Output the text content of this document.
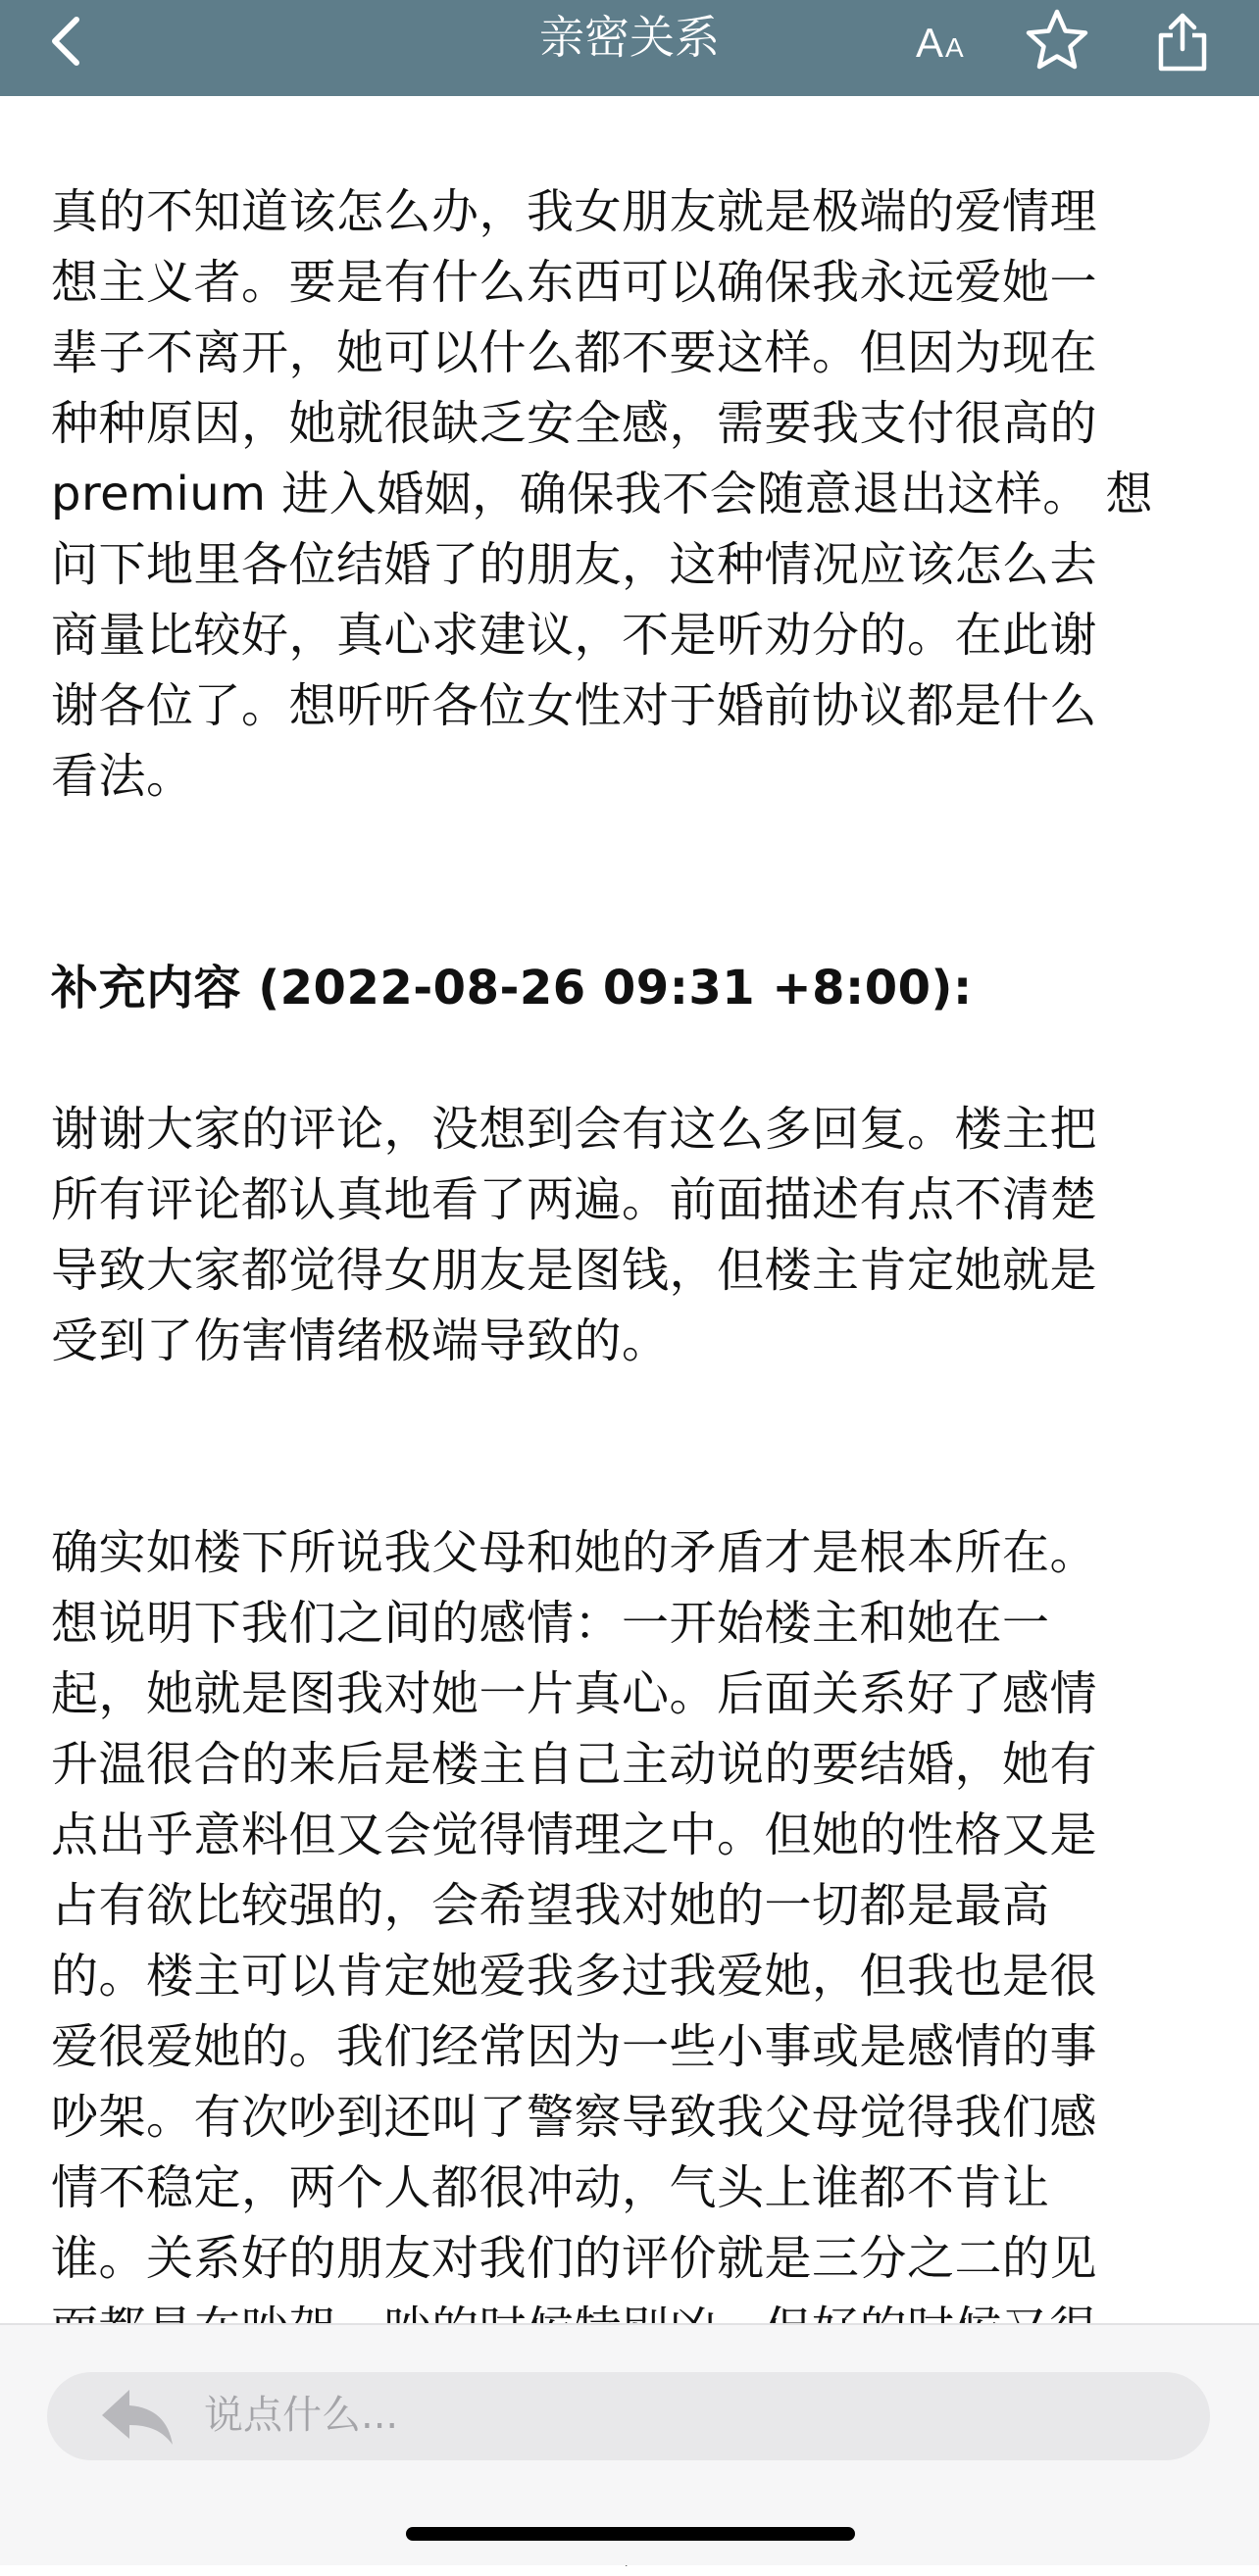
亲密关系	A A

真的不知道该怎么办，我女朋友就是极端的爱情理
想主义者。要是有什么东西可以确保我永远爱她一
辈子不离开，她可以什么都不要这样。但因为现在
种种原因，她就很缺乏安全感，需要我支付很高的
premium 进入婚姻，确保我不会随意退出这样。 想
问下地里各位结婚了的朋友，这种情况应该怎么去
商量比较好，真心求建议，不是听劝分的。在此谢
谢各位了。想听听各位女性对于婚前协议都是什么
看法。

补充内容 (2022-08-26 09:31 +8:00):

谢谢大家的评论，没想到会有这么多回复。楼主把
所有评论都认真地看了两遍。前面描述有点不清楚
导致大家都觉得女朋友是图钱，但楼主肯定她就是
受到了伤害情绪极端导致的。

确实如楼下所说我父母和她的矛盾才是根本所在。
想说明下我们之间的感情：一开始楼主和她在一
起，她就是图我对她一片真心。后面关系好了感情
升温很合的来后是楼主自己主动说的要结婚，她有
点出乎意料但又会觉得情理之中。但她的性格又是
占有欲比较强的，会希望我对她的一切都是最高
的。楼主可以肯定她爱我多过我爱她，但我也是很
爱很爱她的。我们经常因为一些小事或是感情的事
吵架。有次吵到还叫了警察导致我父母觉得我们感
情不稳定，两个人都很冲动，气头上谁都不肯让
谁。关系好的朋友对我们的评价就是三分之二的见

说点什么...
